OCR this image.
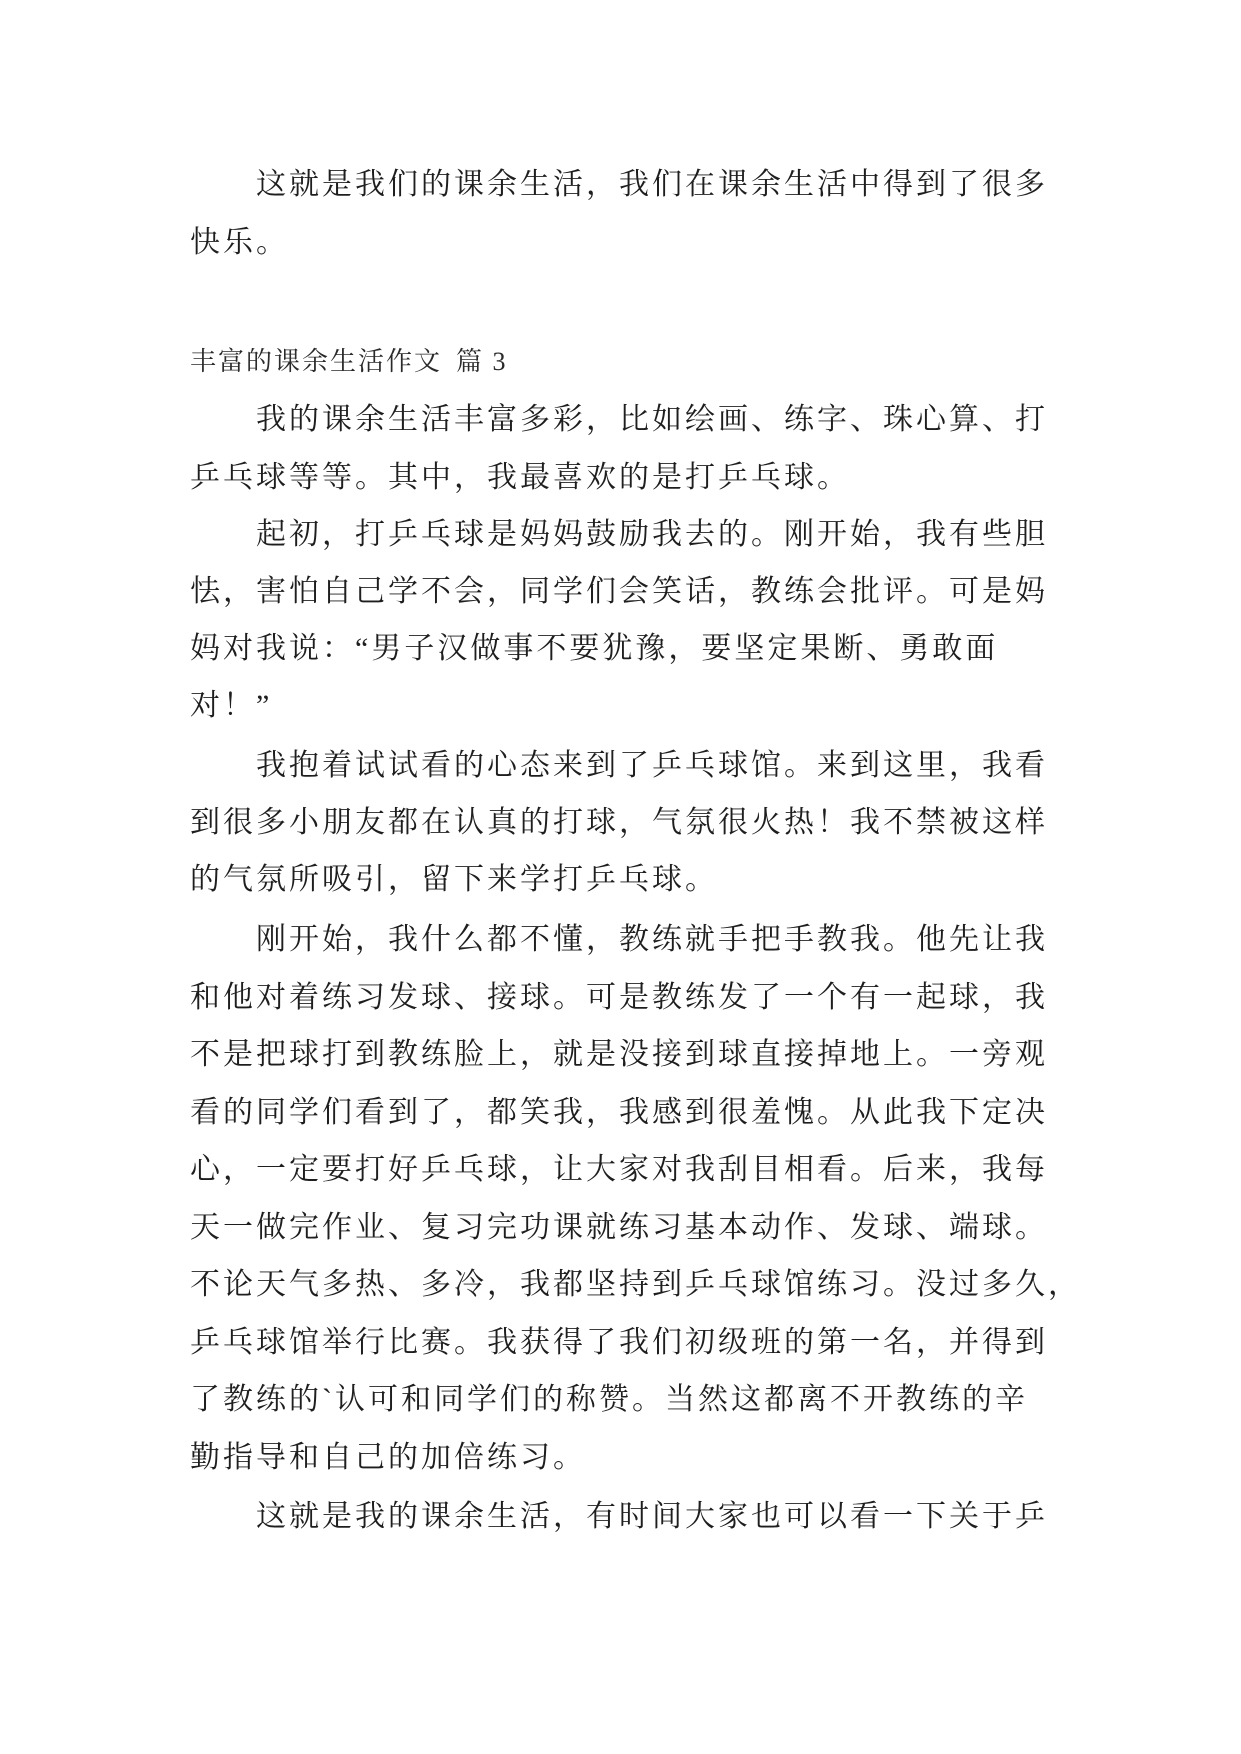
这就是我们的课余生活，我们在课余生活中得到了很多
快乐。
丰富的课余生活作文 篇 3
我的课余生活丰富多彩，比如绘画、练字、珠心算、打
乒乓球等等。其中，我最喜欢的是打乒乓球。
起初，打乒乓球是妈妈鼓励我去的。刚开始，我有些胆
怯，害怕自己学不会，同学们会笑话，教练会批评。可是妈
妈对我说：“男子汉做事不要犹豫，要坚定果断、勇敢面
对！”
我抱着试试看的心态来到了乒乓球馆。来到这里，我看
到很多小朋友都在认真的打球，气氛很火热！我不禁被这样
的气氛所吸引，留下来学打乒乓球。
刚开始，我什么都不懂，教练就手把手教我。他先让我
和他对着练习发球、接球。可是教练发了一个有一起球，我
不是把球打到教练脸上，就是没接到球直接掉地上。一旁观
看的同学们看到了，都笑我，我感到很羞愧。从此我下定决
心，一定要打好乒乓球，让大家对我刮目相看。后来，我每
天一做完作业、复习完功课就练习基本动作、发球、端球。
不论天气多热、多冷，我都坚持到乒乓球馆练习。没过多久，
乒乓球馆举行比赛。我获得了我们初级班的第一名，并得到
了教练的`认可和同学们的称赞。当然这都离不开教练的辛
勤指导和自己的加倍练习。
这就是我的课余生活，有时间大家也可以看一下关于乒
